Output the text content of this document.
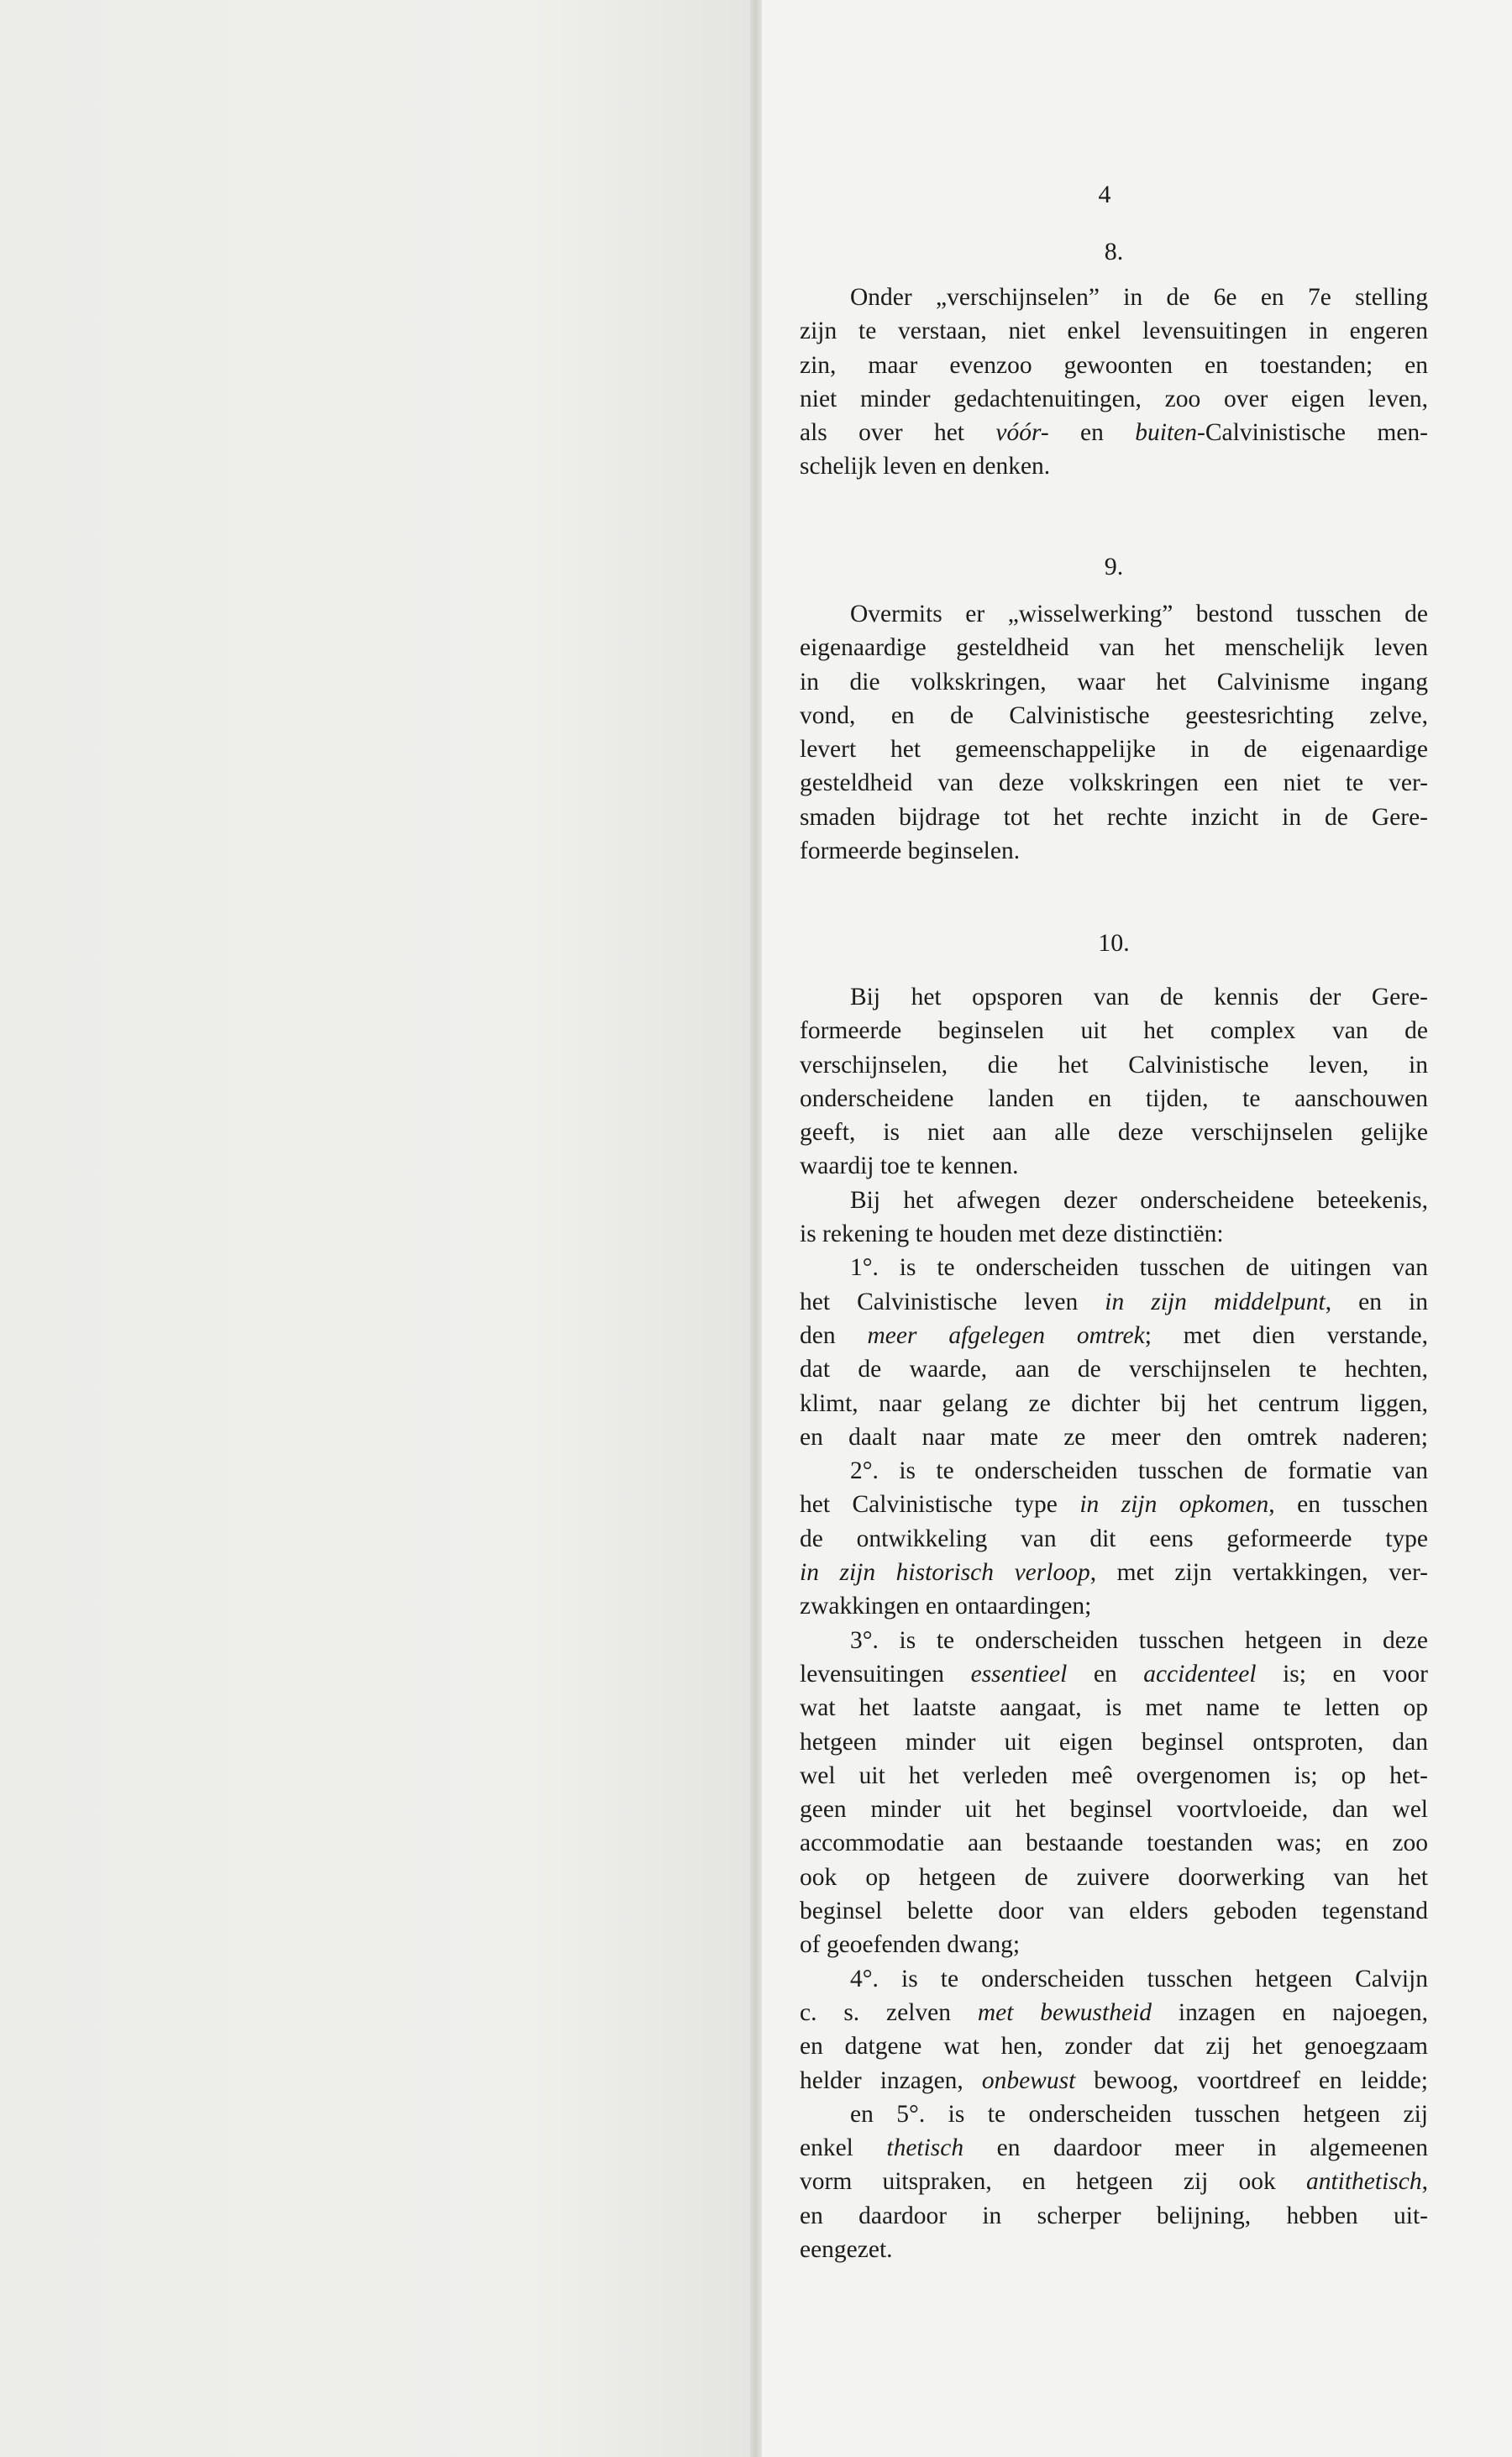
4
8.
Onder „verschijnselen” in de 6e en 7e stelling
zijn te verstaan, niet enkel levensuitingen in engeren
zin, maar evenzoo gewoonten en toestanden; en
niet minder gedachtenuitingen, zoo over eigen leven,
als over het vóór- en buiten-Calvinistische men-
schelijk leven en denken.
9.
Overmits er „wisselwerking” bestond tusschen de
eigenaardige gesteldheid van het menschelijk leven
in die volkskringen, waar het Calvinisme ingang
vond, en de Calvinistische geestesrichting zelve,
levert het gemeenschappelijke in de eigenaardige
gesteldheid van deze volkskringen een niet te ver-
smaden bijdrage tot het rechte inzicht in de Gere-
formeerde beginselen.
10.
Bij het opsporen van de kennis der Gere-
formeerde beginselen uit het complex van de
verschijnselen, die het Calvinistische leven, in
onderscheidene landen en tijden, te aanschouwen
geeft, is niet aan alle deze verschijnselen gelijke
waardij toe te kennen.
Bij het afwegen dezer onderscheidene beteekenis,
is rekening te houden met deze distinctiën:
1°. is te onderscheiden tusschen de uitingen van
het Calvinistische leven in zijn middelpunt, en in
den meer afgelegen omtrek; met dien verstande,
dat de waarde, aan de verschijnselen te hechten,
klimt, naar gelang ze dichter bij het centrum liggen,
en daalt naar mate ze meer den omtrek naderen;
2°. is te onderscheiden tusschen de formatie van
het Calvinistische type in zijn opkomen, en tusschen
de ontwikkeling van dit eens geformeerde type
in zijn historisch verloop, met zijn vertakkingen, ver-
zwakkingen en ontaardingen;
3°. is te onderscheiden tusschen hetgeen in deze
levensuitingen essentieel en accidenteel is; en voor
wat het laatste aangaat, is met name te letten op
hetgeen minder uit eigen beginsel ontsproten, dan
wel uit het verleden meê overgenomen is; op het-
geen minder uit het beginsel voortvloeide, dan wel
accommodatie aan bestaande toestanden was; en zoo
ook op hetgeen de zuivere doorwerking van het
beginsel belette door van elders geboden tegenstand
of geoefenden dwang;
4°. is te onderscheiden tusschen hetgeen Calvijn
c. s. zelven met bewustheid inzagen en najoegen,
en datgene wat hen, zonder dat zij het genoegzaam
helder inzagen, onbewust bewoog, voortdreef en leidde;
en 5°. is te onderscheiden tusschen hetgeen zij
enkel thetisch en daardoor meer in algemeenen
vorm uitspraken, en hetgeen zij ook antithetisch,
en daardoor in scherper belijning, hebben uit-
eengezet.
